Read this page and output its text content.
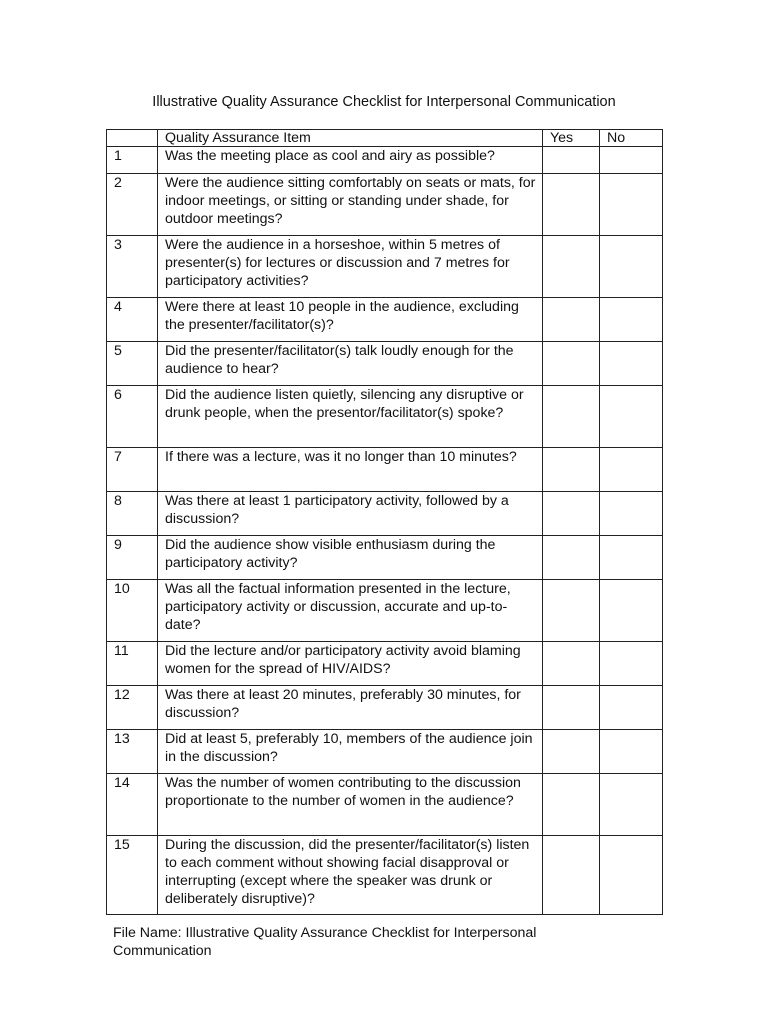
Illustrative Quality Assurance Checklist for Interpersonal Communication
	Quality Assurance Item	Yes	No
1	Was the meeting place as cool and airy as possible?		
2	Were the audience sitting comfortably on seats or mats, for indoor meetings, or sitting or standing under shade, for outdoor meetings?		
3	Were the audience in a horseshoe, within 5 metres of presenter(s) for lectures or discussion and 7 metres for participatory activities?		
4	Were there at least 10 people in the audience, excluding the presenter/facilitator(s)?		
5	Did the presenter/facilitator(s) talk loudly enough for the audience to hear?		
6	Did the audience listen quietly, silencing any disruptive or drunk people, when the presentor/facilitator(s) spoke?		
7	If there was a lecture, was it no longer than 10 minutes?		
8	Was there at least 1 participatory activity, followed by a discussion?		
9	Did the audience show visible enthusiasm during the participatory activity?		
10	Was all the factual information presented in the lecture, participatory activity or discussion, accurate and up-to-date?		
11	Did the lecture and/or participatory activity avoid blaming women for the spread of HIV/AIDS?		
12	Was there at least 20 minutes, preferably 30 minutes, for discussion?		
13	Did at least 5, preferably 10, members of the audience join in the discussion?		
14	Was the number of women contributing to the discussion proportionate to the number of women in the audience?		
15	During the discussion, did the presenter/facilitator(s) listen to each comment without showing facial disapproval or interrupting (except where the speaker was drunk or deliberately disruptive)?		
File Name: Illustrative Quality Assurance Checklist for Interpersonal Communication
